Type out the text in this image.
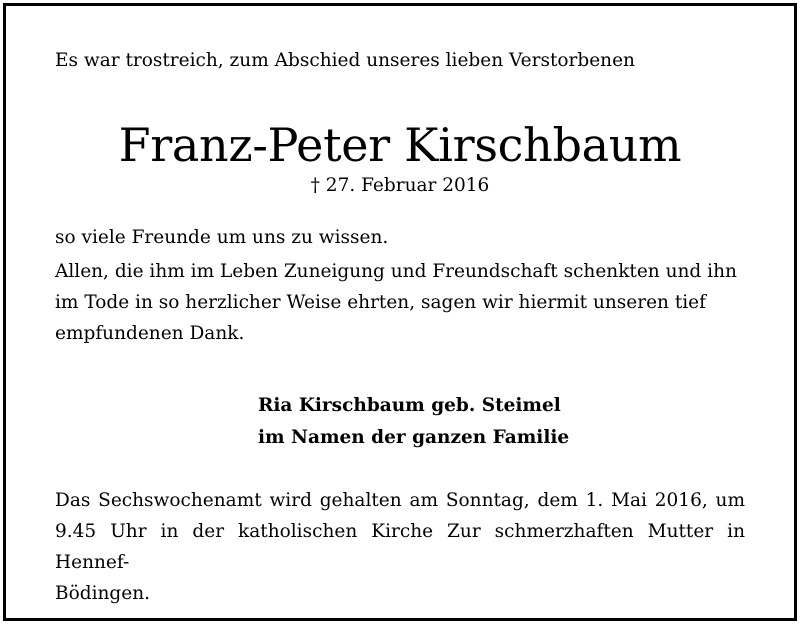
Es war trostreich, zum Abschied unseres lieben Verstorbenen
Franz-Peter Kirschbaum
† 27. Februar 2016
so viele Freunde um uns zu wissen.
Allen, die ihm im Leben Zuneigung und Freundschaft schenkten und ihn
im Tode in so herzlicher Weise ehrten, sagen wir hiermit unseren tief
empfundenen Dank.
Ria Kirschbaum geb. Steimel
im Namen der ganzen Familie
Das Sechswochenamt wird gehalten am Sonntag, dem 1. Mai 2016, um
9.45 Uhr in der katholischen Kirche Zur schmerzhaften Mutter in Hennef-
Bödingen.
